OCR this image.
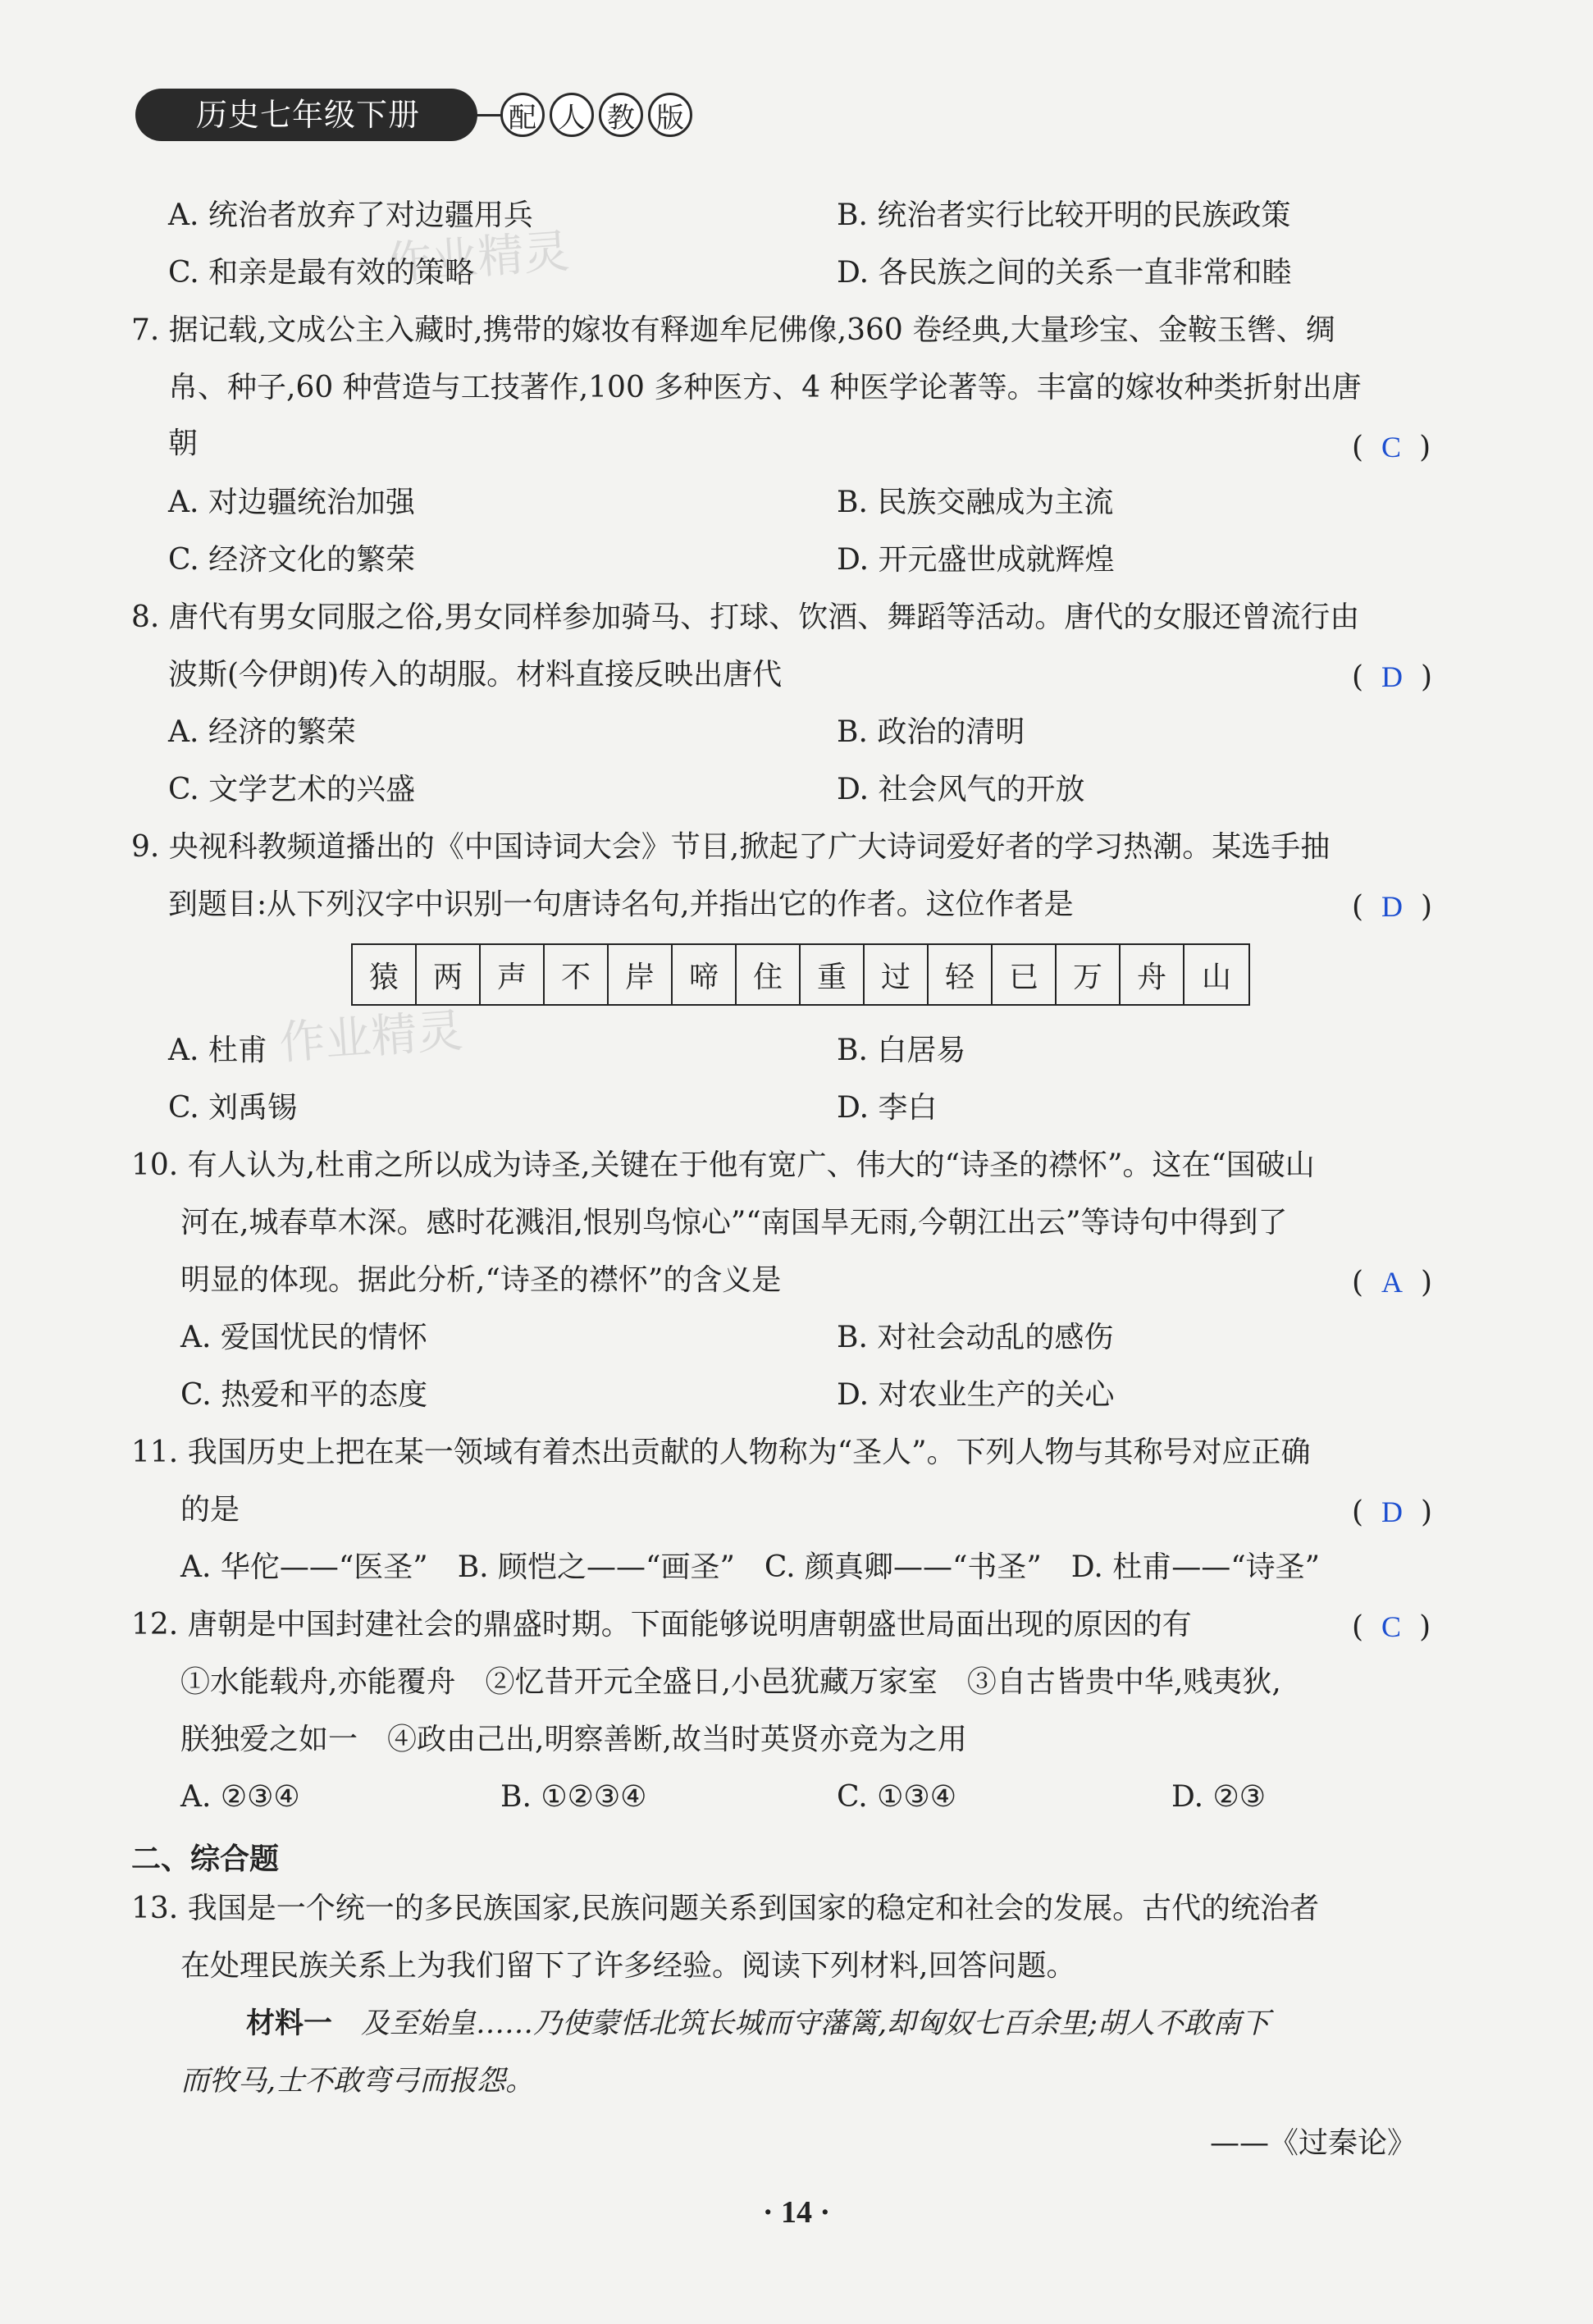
历史七年级下册	配 人 教 版
作业精灵
作业精灵
A. 统治者放弃了对边疆用兵	B. 统治者实行比较开明的民族政策
C. 和亲是最有效的策略	D. 各民族之间的关系一直非常和睦
7. 据记载,文成公主入藏时,携带的嫁妆有释迦牟尼佛像,360 卷经典,大量珍宝、金鞍玉辔、绸
帛、种子,60 种营造与工技著作,100 多种医方、4 种医学论著等。丰富的嫁妆种类折射出唐
朝	( C )
A. 对边疆统治加强	B. 民族交融成为主流
C. 经济文化的繁荣	D. 开元盛世成就辉煌
8. 唐代有男女同服之俗,男女同样参加骑马、打球、饮酒、舞蹈等活动。唐代的女服还曾流行由
波斯(今伊朗)传入的胡服。材料直接反映出唐代	( D )
A. 经济的繁荣	B. 政治的清明
C. 文学艺术的兴盛	D. 社会风气的开放
9. 央视科教频道播出的《中国诗词大会》节目,掀起了广大诗词爱好者的学习热潮。某选手抽
到题目:从下列汉字中识别一句唐诗名句,并指出它的作者。这位作者是	( D )
猿	两	声	不	岸	啼	住	重	过	轻	已	万	舟	山
A. 杜甫	B. 白居易
C. 刘禹锡	D. 李白
10. 有人认为,杜甫之所以成为诗圣,关键在于他有宽广、伟大的“诗圣的襟怀”。这在“国破山
河在,城春草木深。感时花溅泪,恨别鸟惊心”“南国旱无雨,今朝江出云”等诗句中得到了
明显的体现。据此分析,“诗圣的襟怀”的含义是	( A )
A. 爱国忧民的情怀	B. 对社会动乱的感伤
C. 热爱和平的态度	D. 对农业生产的关心
11. 我国历史上把在某一领域有着杰出贡献的人物称为“圣人”。下列人物与其称号对应正确
的是	( D )
A. 华佗——“医圣”　B. 顾恺之——“画圣”　C. 颜真卿——“书圣”　D. 杜甫——“诗圣”
12. 唐朝是中国封建社会的鼎盛时期。下面能够说明唐朝盛世局面出现的原因的有	( C )
①水能载舟,亦能覆舟　②忆昔开元全盛日,小邑犹藏万家室　③自古皆贵中华,贱夷狄,
朕独爱之如一　④政由己出,明察善断,故当时英贤亦竞为之用
A. ②③④	B. ①②③④	C. ①③④	D. ②③
二、综合题
13. 我国是一个统一的多民族国家,民族问题关系到国家的稳定和社会的发展。古代的统治者
在处理民族关系上为我们留下了许多经验。阅读下列材料,回答问题。
材料一　 及至始皇……乃使蒙恬北筑长城而守藩篱,却匈奴七百余里;胡人不敢南下
而牧马,士不敢弯弓而报怨。
——《过秦论》
· 14 ·
